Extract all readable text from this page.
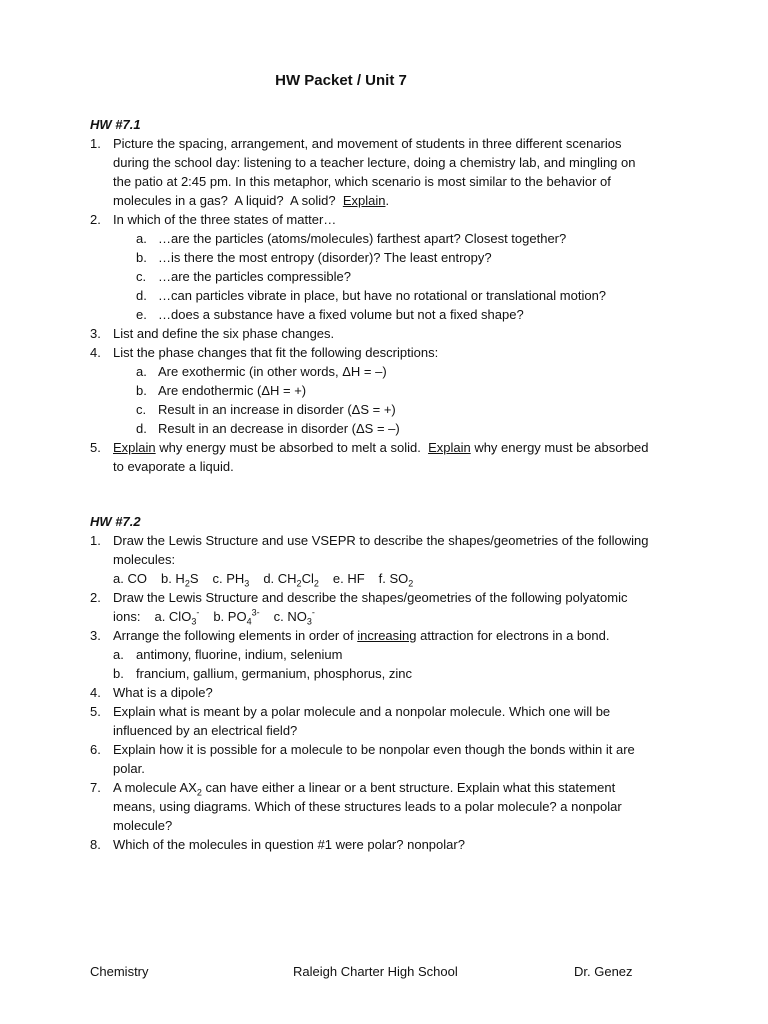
HW Packet / Unit 7
HW #7.1
1. Picture the spacing, arrangement, and movement of students in three different scenarios
during the school day: listening to a teacher lecture, doing a chemistry lab, and mingling on
the patio at 2:45 pm. In this metaphor, which scenario is most similar to the behavior of
molecules in a gas?  A liquid?  A solid?  Explain.
2. In which of the three states of matter…
a. …are the particles (atoms/molecules) farthest apart? Closest together?
b. …is there the most entropy (disorder)? The least entropy?
c. …are the particles compressible?
d. …can particles vibrate in place, but have no rotational or translational motion?
e. …does a substance have a fixed volume but not a fixed shape?
3. List and define the six phase changes.
4. List the phase changes that fit the following descriptions:
a. Are exothermic (in other words, ΔH = –)
b. Are endothermic (ΔH = +)
c. Result in an increase in disorder (ΔS = +)
d. Result in an decrease in disorder (ΔS = –)
5. Explain why energy must be absorbed to melt a solid.  Explain why energy must be absorbed
to evaporate a liquid.
HW #7.2
1. Draw the Lewis Structure and use VSEPR to describe the shapes/geometries of the following
molecules:
a. CO b. $H_2S$ c. $PH_3$ d. $CH_2Cl_2$ e. HF f. $SO_2$
2. Draw the Lewis Structure and describe the shapes/geometries of the following polyatomic
ions: a. ClO$_3$- b. $PO_4^{3-}$ c. $NO_3^-$
3. Arrange the following elements in order of increasing attraction for electrons in a bond.
a. antimony, fluorine, indium, selenium
b. francium, gallium, germanium, phosphorus, zinc
4. What is a dipole?
5. Explain what is meant by a polar molecule and a nonpolar molecule. Which one will be
influenced by an electrical field?
6. Explain how it is possible for a molecule to be nonpolar even though the bonds within it are
polar.
7. A molecule $AX_2$ can have either a linear or a bent structure. Explain what this statement
means, using diagrams. Which of these structures leads to a polar molecule? a nonpolar
molecule?
8. Which of the molecules in question #1 were polar? nonpolar?
Chemistry	Raleigh Charter High School	Dr. Genez
